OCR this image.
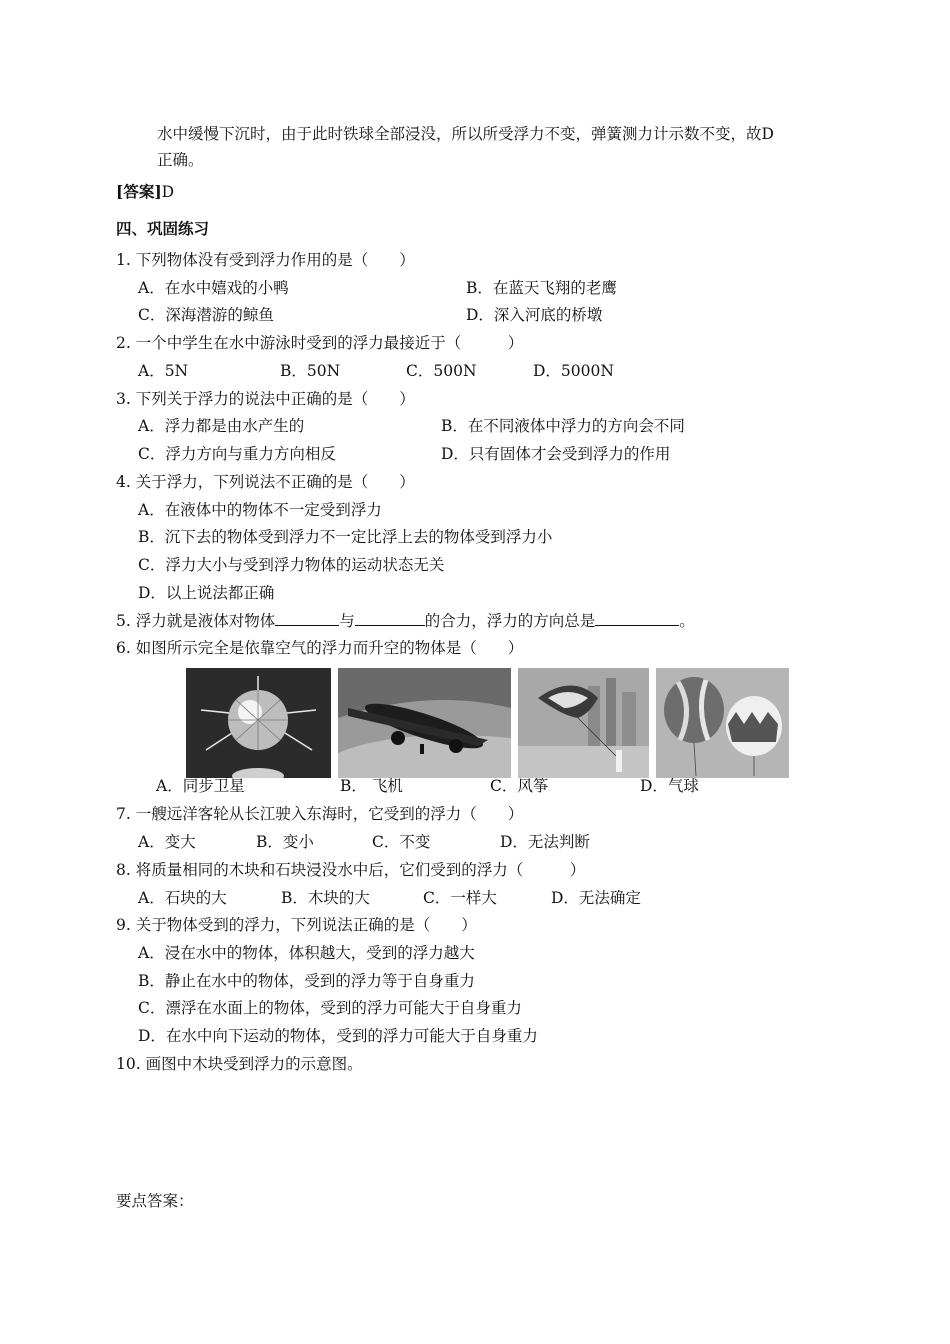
水中缓慢下沉时，由于此时铁球全部浸没，所以所受浮力不变，弹簧测力计示数不变，故D
正确。
[答案]D
四、巩固练习
1. 下列物体没有受到浮力作用的是（　　）
A．在水中嬉戏的小鸭	B．在蓝天飞翔的老鹰
C．深海潜游的鲸鱼	D．深入河底的桥墩
2. 一个中学生在水中游泳时受到的浮力最接近于（　　　）
A．5N	B．50N	C．500N	D．5000N
3. 下列关于浮力的说法中正确的是（　　）
A．浮力都是由水产生的	B．在不同液体中浮力的方向会不同
C．浮力方向与重力方向相反	D．只有固体才会受到浮力的作用
4. 关于浮力，下列说法不正确的是（　　）
A．在液体中的物体不一定受到浮力
B．沉下去的物体受到浮力不一定比浮上去的物体受到浮力小
C．浮力大小与受到浮力物体的运动状态无关
D．以上说法都正确
5. 浮力就是液体对物体	与	的合力，浮力的方向总是	。
6. 如图所示完全是依靠空气的浮力而升空的物体是（　　）
A．同步卫星	B． 飞机	C．风筝	D．气球
7. 一艘远洋客轮从长江驶入东海时，它受到的浮力（　　）
A．变大	B．变小	C．不变	D．无法判断
8. 将质量相同的木块和石块浸没水中后，它们受到的浮力（　　　）
A．石块的大	B．木块的大	C．一样大	D．无法确定
9. 关于物体受到的浮力，下列说法正确的是（　　）
A．浸在水中的物体，体积越大，受到的浮力越大
B．静止在水中的物体，受到的浮力等于自身重力
C．漂浮在水面上的物体，受到的浮力可能大于自身重力
D．在水中向下运动的物体，受到的浮力可能大于自身重力
10. 画图中木块受到浮力的示意图。
要点答案：
